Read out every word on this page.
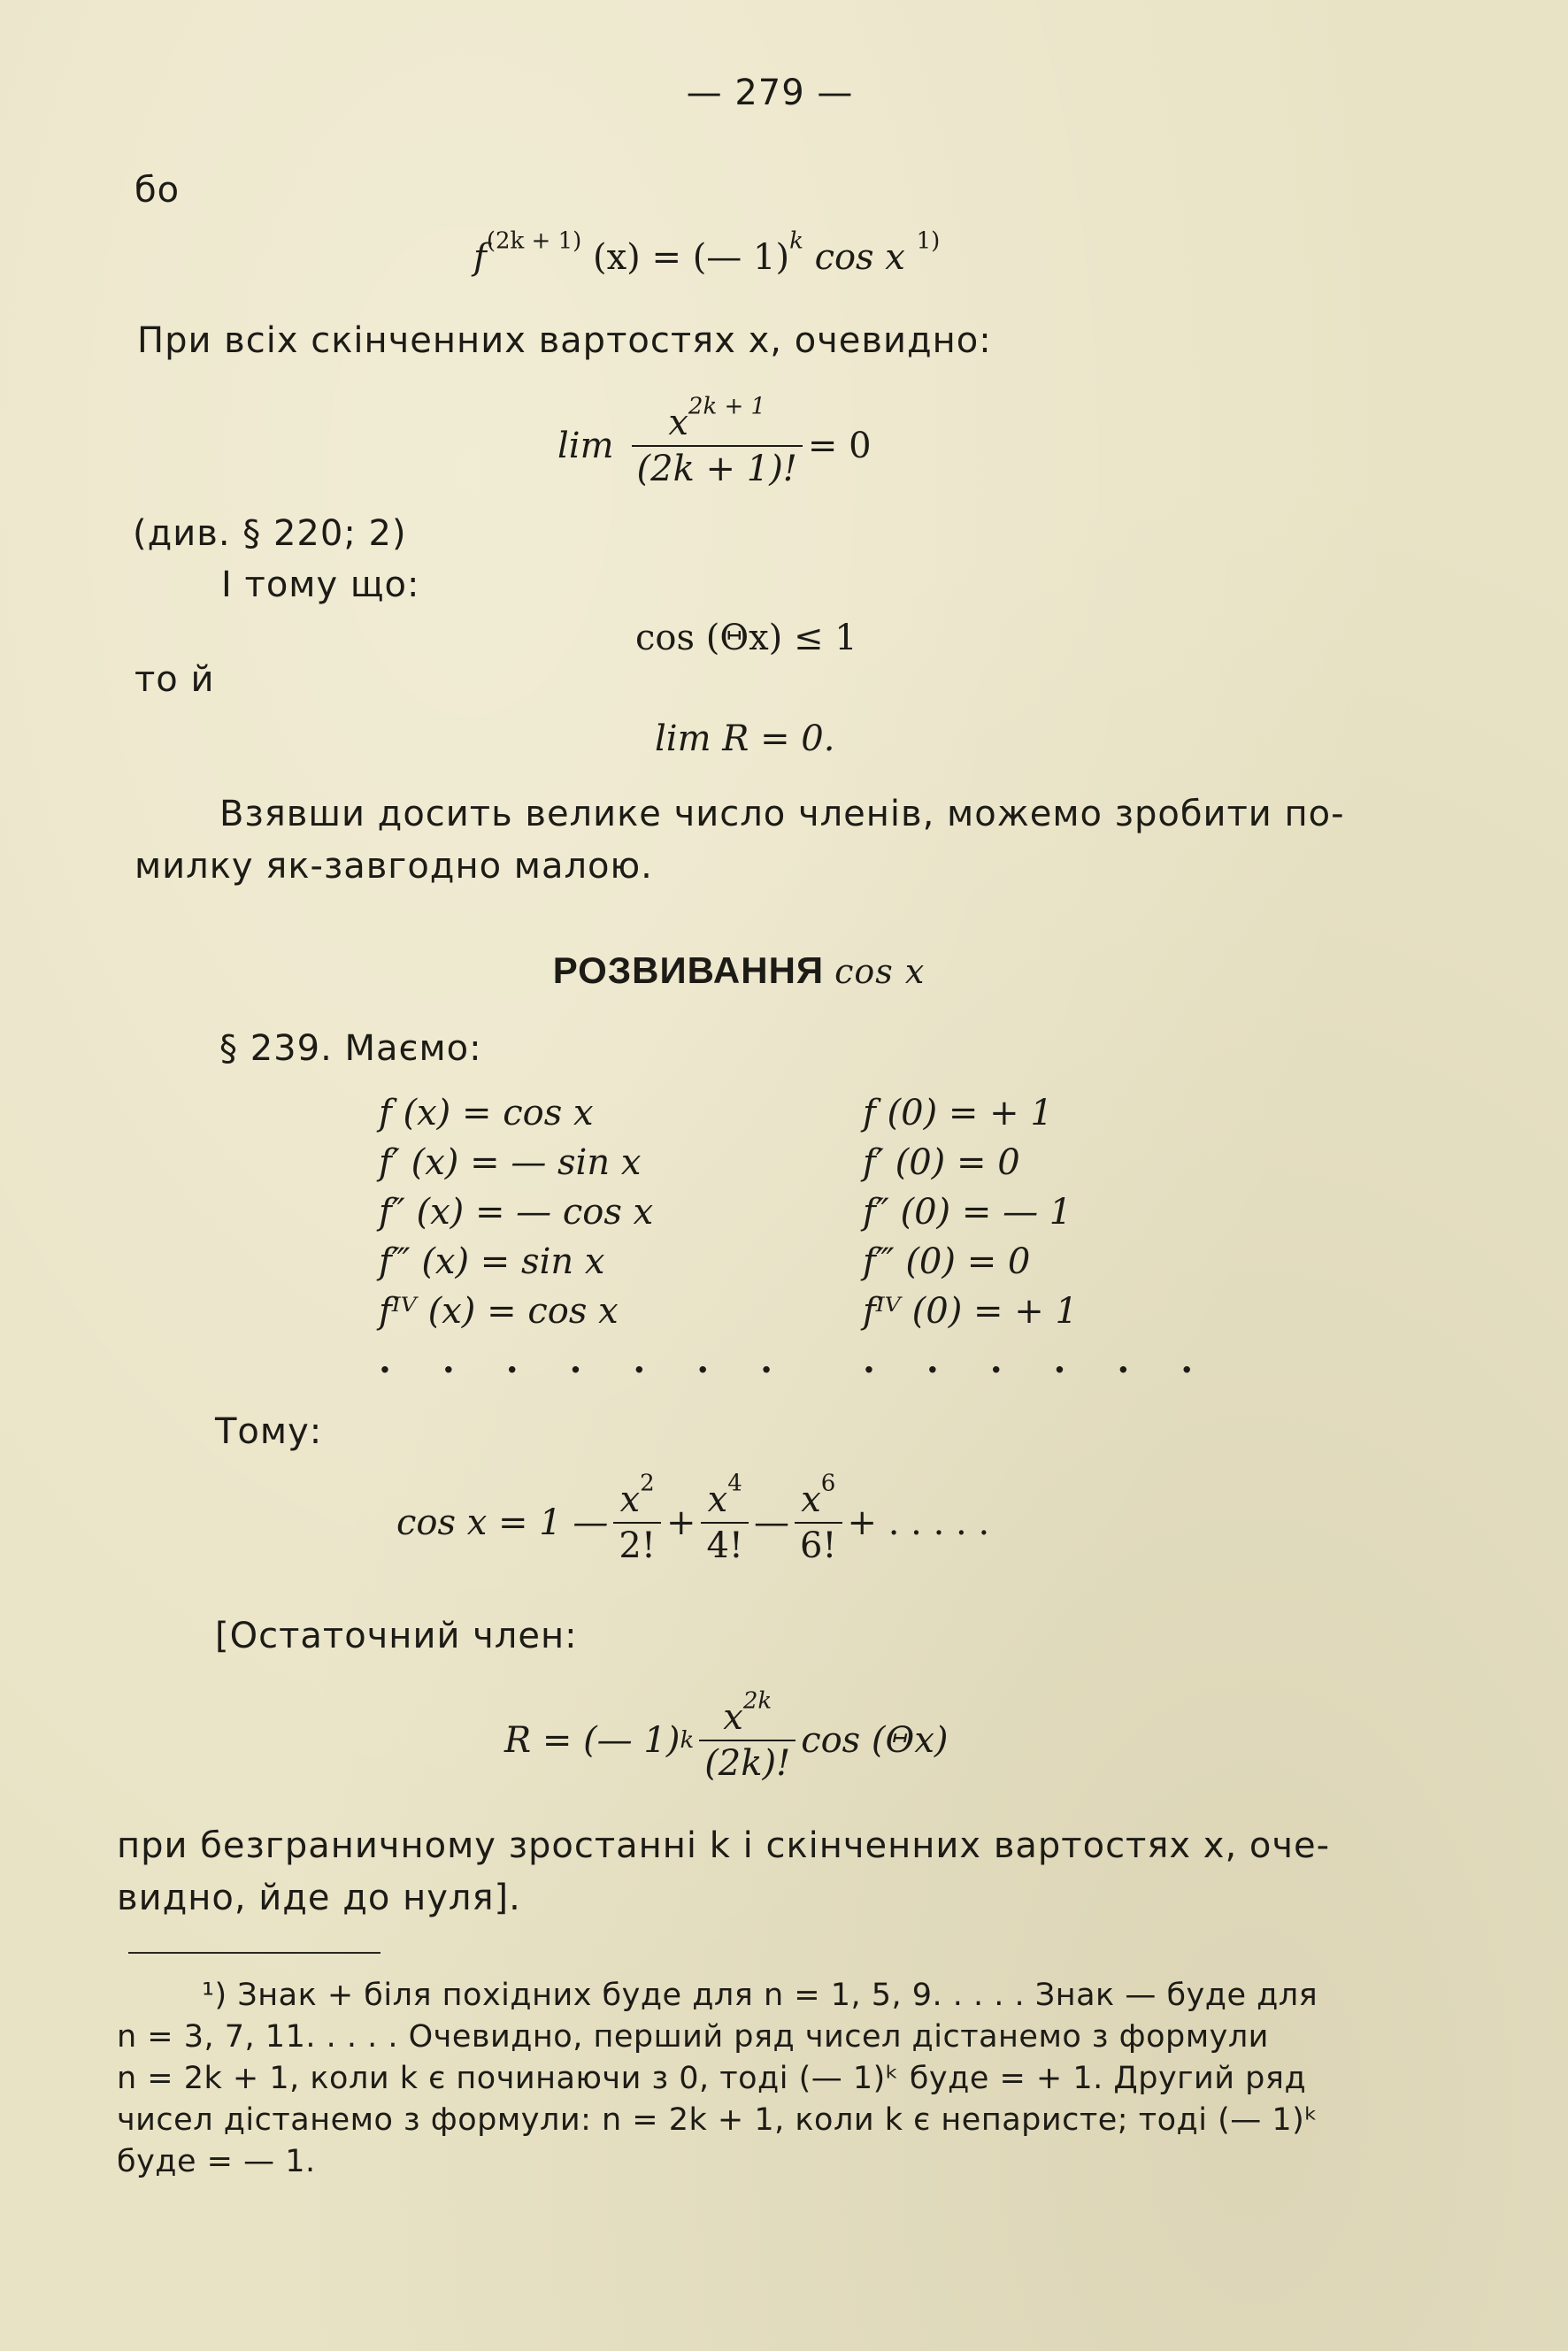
— 279 —
бо
$f^{(2k + 1)}$ (x) = (— 1)$^k$ cos x $^{1)}$
При всіх скінченних вартостях x, очевидно:
$\lim \frac{x^{2k + 1}}{(2k + 1)!} = 0$
(див. § 220; 2)
І тому що:
cos (Θx) ≤ 1
то й
lim R = 0.
Взявши досить велике число членів, можемо зробити по-
милку як-завгодно малою.
РОЗВИВАННЯ cos x
§ 239. Маємо:
f (x) = cos x
f′ (x) = — sin x
f″ (x) = — cos x
f‴ (x) = sin x
fᴵⱽ (x) = cos x
. . . . . . .
f (0) = + 1
f′ (0) = 0
f″ (0) = — 1
f‴ (0) = 0
fᴵⱽ (0) = + 1
. . . . . .
Тому:
cos x = 1 — $\frac{x^2}{2!} + \frac{x^4}{4!}$ — $\frac{x^6}{6!}$ + . . . . .
[Остаточний член:
R = (— 1) k $\frac{x^{2k}}{(2k)!}$ cos (Θx)
при безграничному зростанні k і скінченних вартостях x, оче-
видно, йде до нуля].
¹) Знак + біля похідних буде для n = 1, 5, 9. . . . . Знак — буде для
n = 3, 7, 11. . . . . Очевидно, перший ряд чисел дістанемо з формули
n = 2k + 1, коли k є починаючи з 0, тоді (— 1)ᵏ буде = + 1. Другий ряд
чисел дістанемо з формули: n = 2k + 1, коли k є непаристе; тоді (— 1)ᵏ
буде = — 1.
